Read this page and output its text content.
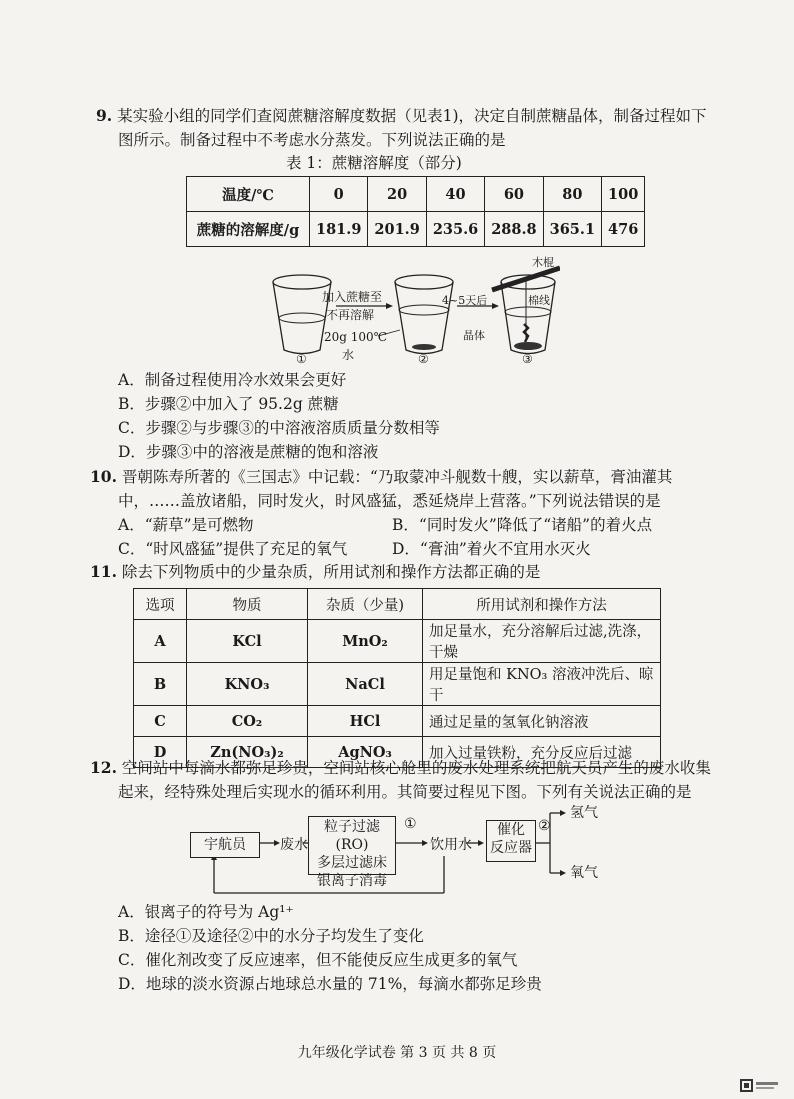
9. 某实验小组的同学们查阅蔗糖溶解度数据（见表1)，决定自制蔗糖晶体，制备过程如下
图所示。制备过程中不考虑水分蒸发。下列说法正确的是
表 1：蔗糖溶解度（部分)
温度/℃	0	20	40	60	80	100
蔗糖的溶解度/g	181.9	201.9	235.6	288.8	365.1	476
加入蔗糖至
不再溶解
4~5天后
20g 100℃
水
木棍
棉线
晶体
①	②	③
A．制备过程使用冷水效果会更好
B．步骤②中加入了 95.2g 蔗糖
C．步骤②与步骤③的中溶液溶质质量分数相等
D．步骤③中的溶液是蔗糖的饱和溶液
10. 晋朝陈寿所著的《三国志》中记载：“乃取蒙冲斗舰数十艘，实以薪草，膏油灌其
中，……盖放诸船，同时发火，时风盛猛，悉延烧岸上营落。”下列说法错误的是
A．“薪草”是可燃物	B．“同时发火”降低了“诸船”的着火点
C．“时风盛猛”提供了充足的氧气	D．“膏油”着火不宜用水灭火
11. 除去下列物质中的少量杂质，所用试剂和操作方法都正确的是
选项	物质	杂质（少量)	所用试剂和操作方法
A	KCl	MnO₂	加足量水，充分溶解后过滤,洗涤，干燥
B	KNO₃	NaCl	用足量饱和 KNO₃ 溶液冲洗后、晾干
C	CO₂	HCl	通过足量的氢氧化钠溶液
D	Zn(NO₃)₂	AgNO₃	加入过量铁粉，充分反应后过滤
12. 空间站中每滴水都弥足珍贵，空间站核心舱里的废水处理系统把航天员产生的废水收集
起来，经特殊处理后实现水的循环利用。其简要过程见下图。下列有关说法正确的是
宇航员	废水
粒子过滤(RO)
多层过滤床
银离子消毒
①
饮用水
催化
反应器
②
氢气
氧气
A．银离子的符号为 Ag¹⁺
B．途径①及途径②中的水分子均发生了变化
C．催化剂改变了反应速率，但不能使反应生成更多的氧气
D．地球的淡水资源占地球总水量的 71%，每滴水都弥足珍贵
九年级化学试卷 第 3 页 共 8 页
